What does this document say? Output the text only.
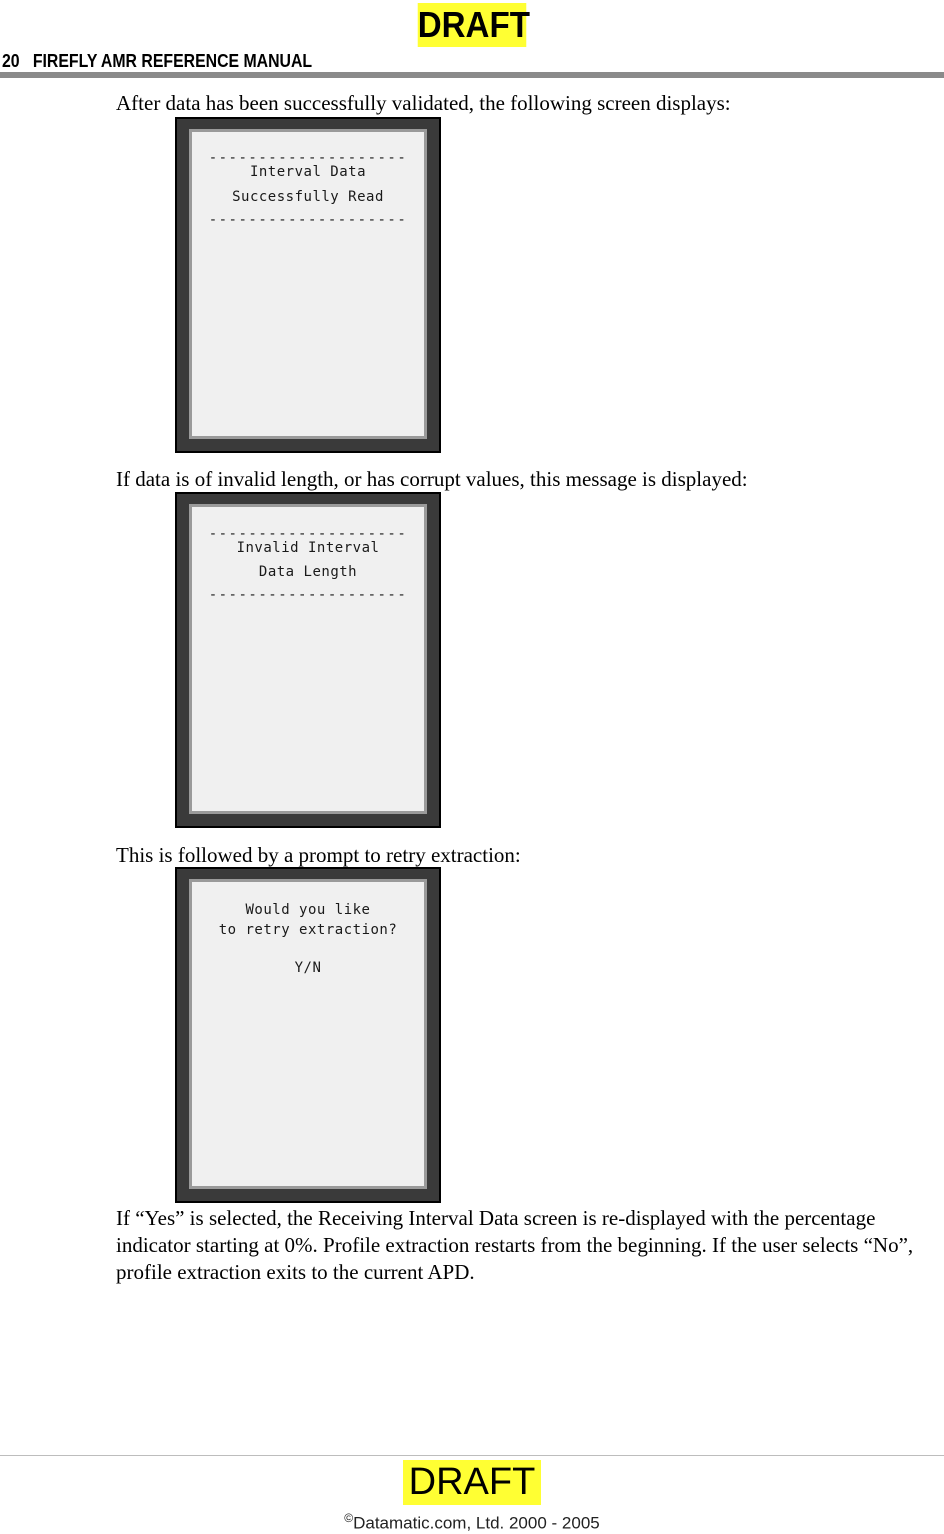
DRAFT
20 FIREFLY AMR REFERENCE MANUAL
After data has been successfully validated, the following screen displays:
--------------------
Interval Data
Successfully Read
--------------------
If data is of invalid length, or has corrupt values, this message is displayed:
--------------------
Invalid Interval
Data Length
--------------------
This is followed by a prompt to retry extraction:
Would you like
to retry extraction?
Y/N
If “Yes” is selected, the Receiving Interval Data screen is re-displayed with the percentage indicator starting at 0%. Profile extraction restarts from the beginning. If the user selects “No”, profile extraction exits to the current APD.
DRAFT
©Datamatic.com, Ltd. 2000 - 2005
